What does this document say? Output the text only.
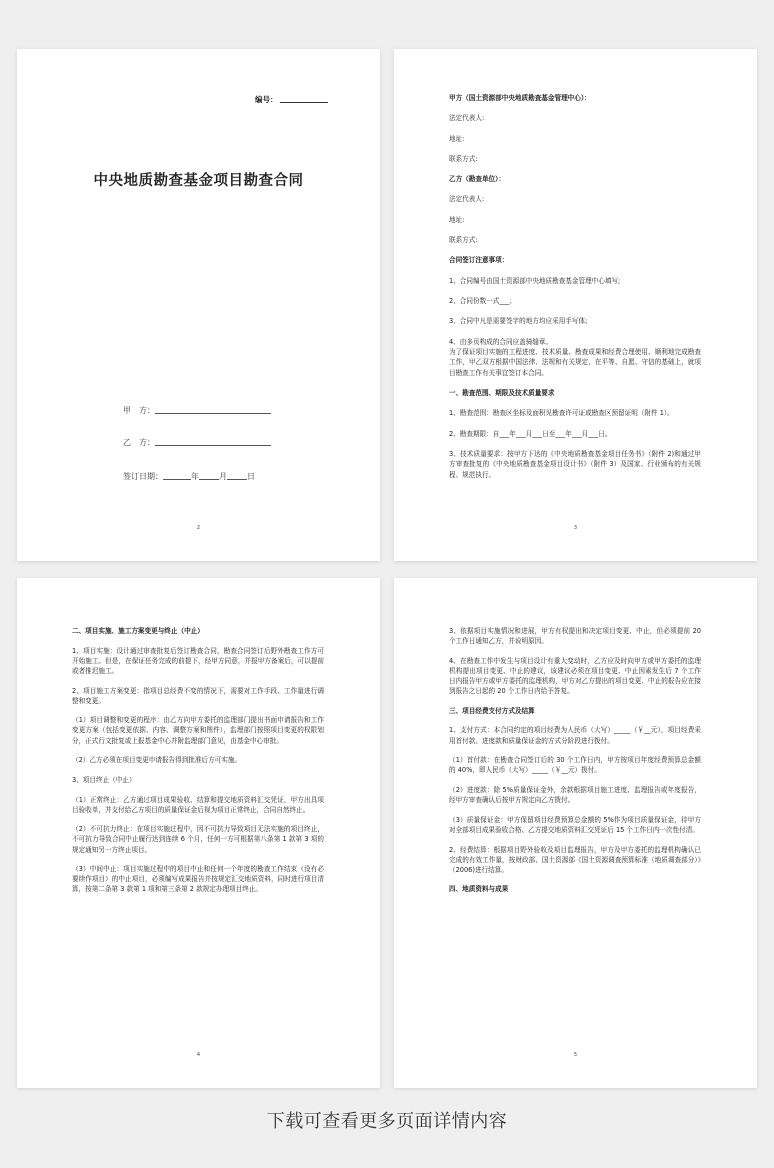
编号：
中央地质勘查基金项目勘查合同
甲　方：
乙　方：
签订日期：	年	月	日
2

甲方（国土资源部中央地质勘查基金管理中心）：

法定代表人:

地址:

联系方式:

乙方（勘查单位）：

法定代表人:

地址:

联系方式:

合同签订注意事项：

1、合同编号由国土资源部中央地质勘查基金管理中心填写;

2、合同份数一式___；

3、合同中凡是需要签字的地方均应采用手写体;

4、由多页构成的合同应盖骑缝章。

为了保证项目实施的工程进度、技术质量、勘查成果和经费合理使用、顺利地完成勘查工作，甲乙双方根据中国法律、法规和有关规定，在平等、自愿、守信的基础上，就项目勘查工作有关事宜签订本合同。

一、勘查范围、期限及技术质量要求

1、勘查范围：勘查区坐标及面积见勘查许可证或勘查区预留证明（附件 1）。

2、勘查期限：自___年___月___日至___年___月___日。

3、技术质量要求：按甲方下达的《中央地质勘查基金项目任务书》（附件 2)和通过甲方审查批复的《中央地质勘查基金项目设计书》（附件 3）及国家、行业颁布的有关规程、规范执行。

3

二、项目实施、施工方案变更与终止（中止）

1、项目实施：设计通过审查批复后签订勘查合同，勘查合同签订后野外勘查工作方可开始施工。但是，在保证任务完成的前提下，经甲方同意，并报甲方备案后，可以提前或者推迟施工。

2、项目施工方案变更：指项目总经费不变的情况下，需要对工作手段、工作量进行调整和变更。

（1）项目调整和变更的程序：由乙方向甲方委托的监理部门提出书面申请报告和工作变更方案（包括变更依据、内容、调整方案和图件），监理部门按照项目变更的权限划分，正式行文批复或上报基金中心并附监理部门意见，由基金中心审批。

（2）乙方必须在项目变更申请报告得到批准后方可实施。

3、项目终止（中止）

（1）正常终止：乙方通过项目成果验收、结算和提交地质资料汇交凭证，甲方出具项目验收单，并支付给乙方项目的质量保证金后视为项目正常终止，合同自然终止。

（2）不可抗力终止：在项目实施过程中，因不可抗力导致项目无法实施的项目终止，不可抗力导致合同中止履行达到连续 6 个月，任何一方可根据第八条第 1 款第 3 项的规定通知另一方终止项目。

（3）中间中止：项目实施过程中的项目中止和任何一个年度的勘查工作结束（没有必要续作项目）的中止项目，必须编写成果报告并按规定汇交地质资料，同时进行项目清算，按第二条第 3 款第 1 项和第三条第 2 款规定办理项目终止。

4

3、依据项目实施情况和进展，甲方有权提出和决定项目变更、中止，但必须提前 20 个工作日通知乙方，并说明原因。

4、在勘查工作中发生与项目设计有重大变动时，乙方应及时向甲方或甲方委托的监理机构提出项目变更、中止的建议，该建议必须在项目变更、中止因素发生后 7 个工作日内报告甲方或甲方委托的监理机构，甲方对乙方提出的项目变更、中止的报告应在接到报告之日起的 20 个工作日内给予答复。

三、项目经费支付方式及结算

1、支付方式：本合同约定的项目经费为人民币（大写）_____（￥__元），项目经费采用首付款、进度款和质量保证金的方式分阶段进行拨付。

（1）首付款：在勘查合同签订后的 30 个工作日内，甲方按项目年度经费预算总金额的 40%，即人民币（大写）_____（￥__元）拨付。

（2）进度款：除 5%质量保证金外，余款根据项目施工进度、监理报告或年度报告，经甲方审查确认后按甲方规定向乙方拨付。

（3）质量保证金：甲方保留项目经费预算总金额的 5%作为项目质量保证金，待甲方对全部项目成果验收合格、乙方提交地质资料汇交凭证后 15 个工作日内一次性付清。

2、经费结算：根据项目野外验收及项目监理报告，甲方及甲方委托的监理机构确认已完成的有效工作量，按财政部、国土资源部《国土资源调查预算标准（地质调查部分）》（2006)进行结算。

四、地质资料与成果

5
下载可查看更多页面详情内容
